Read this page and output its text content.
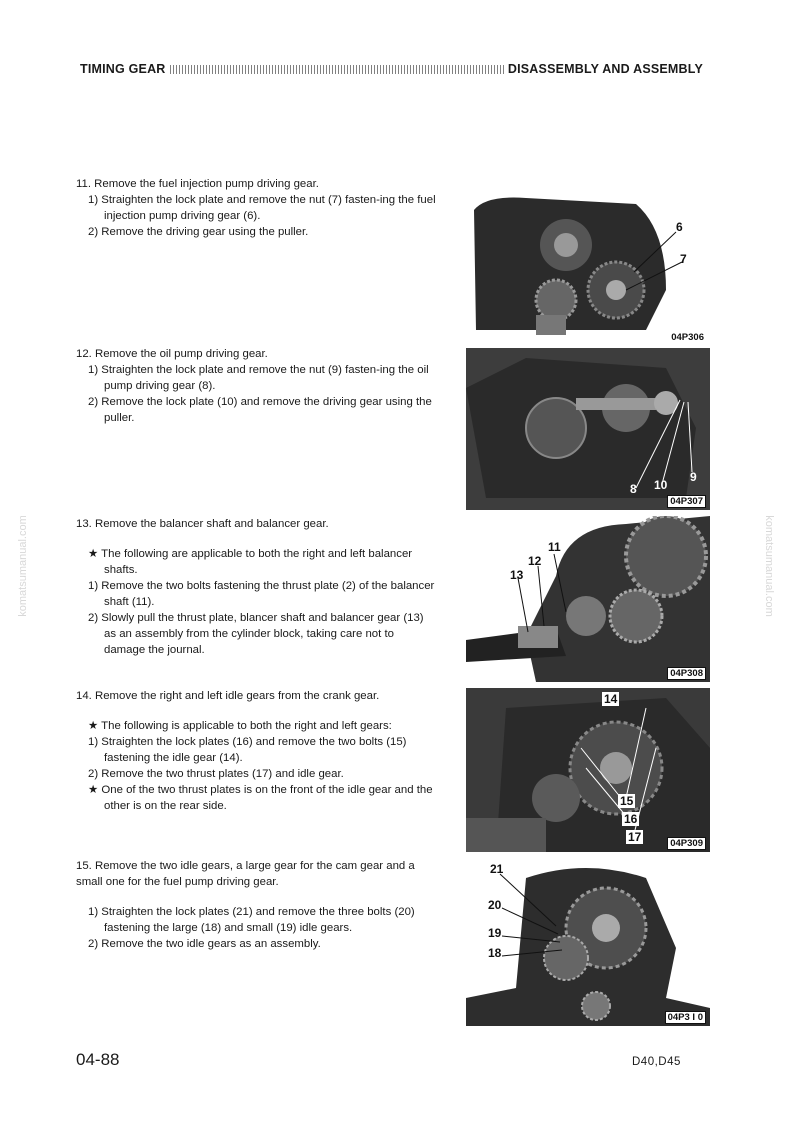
TIMING GEAR	DISASSEMBLY AND ASSEMBLY
komatsumanual.com	komatsumanual.com

11. Remove the fuel injection pump driving gear.

1) Straighten the lock plate and remove the nut (7) fasten-ing the fuel injection pump driving gear (6).

2) Remove the driving gear using the puller.

12. Remove the oil pump driving gear.

1) Straighten the lock plate and remove the nut (9) fasten-ing the oil pump driving gear (8).

2) Remove the lock plate (10) and remove the driving gear using the puller.

13. Remove the balancer shaft and balancer gear.

★ The following are applicable to both the right and left balancer shafts.

1) Remove the two bolts fastening the thrust plate (2) of the balancer shaft (11).

2) Slowly pull the thrust plate, blancer shaft and balancer gear (13) as an assembly from the cylinder block, taking care not to damage the journal.

14. Remove the right and left idle gears from the crank gear.

★ The following is applicable to both the right and left gears:

1) Straighten the lock plates (16) and remove the two bolts (15) fastening the idle gear (14).

2) Remove the two thrust plates (17) and idle gear.

★ One of the two thrust plates is on the front of the idle gear and the other is on the rear side.

15. Remove the two idle gears, a large gear for the cam gear and a small one for the fuel pump driving gear.

1) Straighten the lock plates (21) and remove the three bolts (20) fastening the large (18) and small (19) idle gears.

2) Remove the two idle gears as an assembly.

6
7
04P306
8 10
9
04P307
11
12
13
04P308
14
15
16
17	04P309
21
20
19
18
04P3 I 0
04-88	D40,D45
